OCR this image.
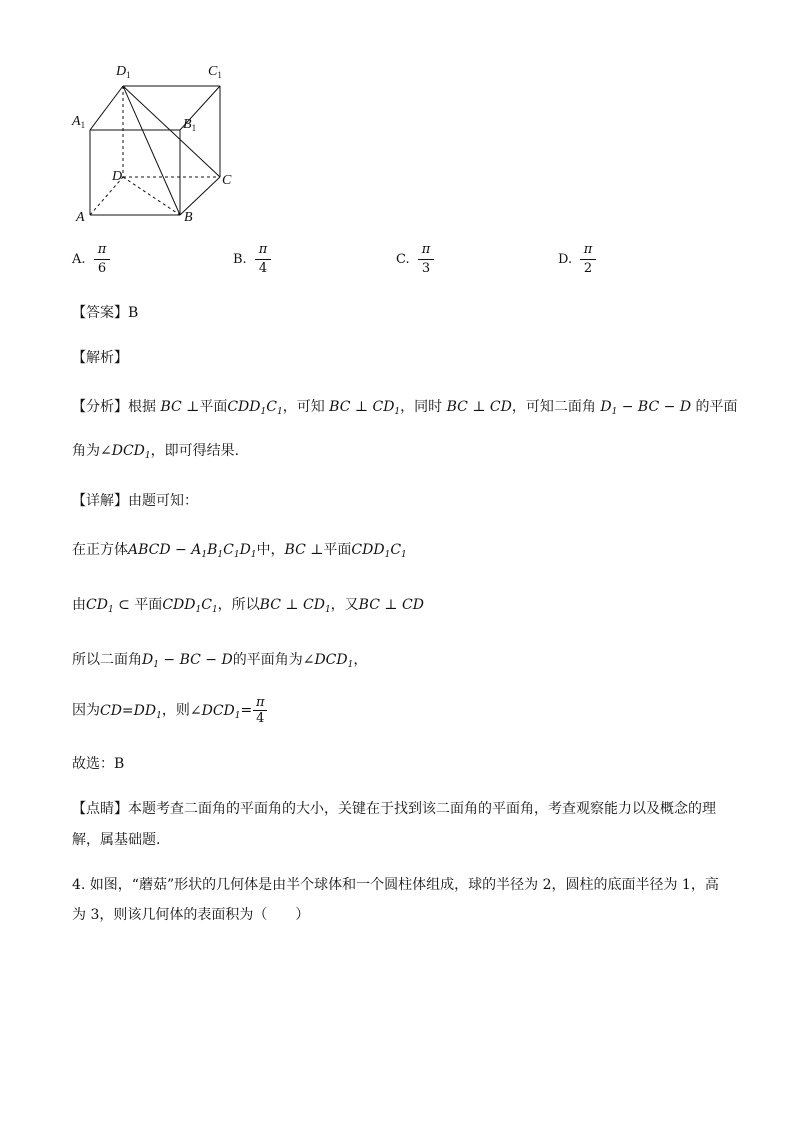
$D_1$	$C_1$
$A_1$	$B_1$
D	C
A	B
A.
π
6
B.
π
4
C.
π
3
D.
π
2
【答案】B
【解析】
【分析】根据 BC ⊥平面$CDD_1C_1$，可知 BC ⊥ $CD_1$，同时 BC ⊥ CD，可知二面角 $D_1$ − BC − D 的平面
角为$\angle DCD_1$，即可得结果.
【详解】由题可知：
在正方体ABCD − $A_1B_1C_1D_1$中，BC ⊥平面$CDD_1C_1$
由$CD_1$ ⊂ 平面$CDD_1C_1$，所以BC ⊥ $CD_1$，又BC ⊥ CD
所以二面角$D_1$ − BC − D的平面角为$\angle DCD_1$，
因为$CD=DD_1$，则$\angle DCD_1= \frac{\pi}{4}$
故选：B
【点睛】本题考查二面角的平面角的大小，关键在于找到该二面角的平面角，考查观察能力以及概念的理
解，属基础题.
4. 如图，“蘑菇”形状的几何体是由半个球体和一个圆柱体组成，球的半径为 2，圆柱的底面半径为 1，高
为 3，则该几何体的表面积为（　　）
